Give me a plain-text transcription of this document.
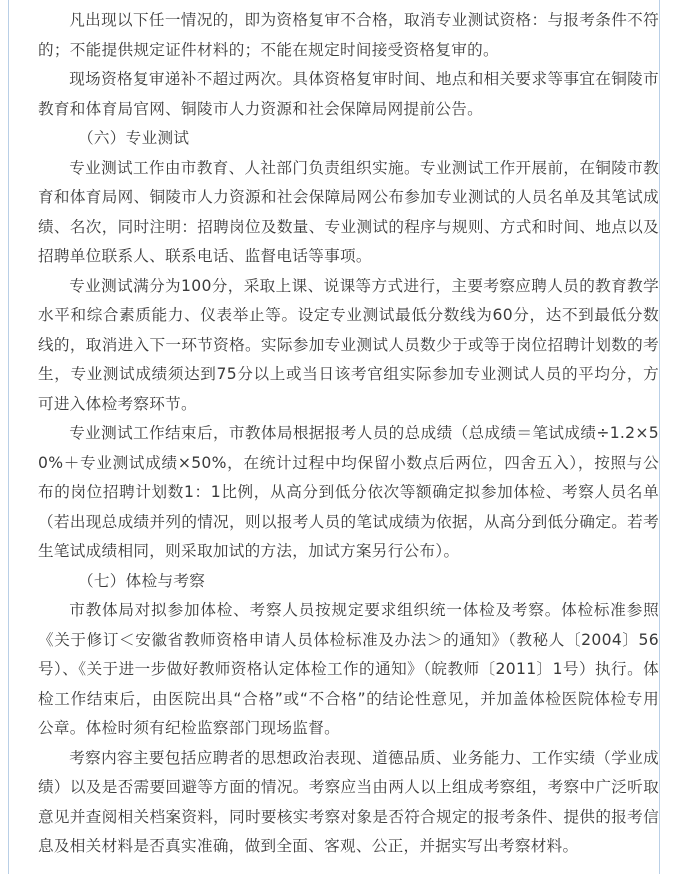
凡出现以下任一情况的，即为资格复审不合格，取消专业测试资格：与报考条件不符的；不能提供规定证件材料的；不能在规定时间接受资格复审的。

现场资格复审递补不超过两次。具体资格复审时间、地点和相关要求等事宜在铜陵市教育和体育局官网、铜陵市人力资源和社会保障局网提前公告。

（六）专业测试

专业测试工作由市教育、人社部门负责组织实施。专业测试工作开展前，在铜陵市教育和体育局网、铜陵市人力资源和社会保障局网公布参加专业测试的人员名单及其笔试成绩、名次，同时注明：招聘岗位及数量、专业测试的程序与规则、方式和时间、地点以及招聘单位联系人、联系电话、监督电话等事项。

专业测试满分为100分，采取上课、说课等方式进行，主要考察应聘人员的教育教学水平和综合素质能力、仪表举止等。设定专业测试最低分数线为60分，达不到最低分数线的，取消进入下一环节资格。实际参加专业测试人员数少于或等于岗位招聘计划数的考生，专业测试成绩须达到75分以上或当日该考官组实际参加专业测试人员的平均分，方可进入体检考察环节。

专业测试工作结束后，市教体局根据报考人员的总成绩（总成绩＝笔试成绩÷1.2×50%＋专业测试成绩×50%，在统计过程中均保留小数点后两位，四舍五入），按照与公布的岗位招聘计划数1：1比例，从高分到低分依次等额确定拟参加体检、考察人员名单（若出现总成绩并列的情况，则以报考人员的笔试成绩为依据，从高分到低分确定。若考生笔试成绩相同，则采取加试的方法，加试方案另行公布）。

（七）体检与考察

市教体局对拟参加体检、考察人员按规定要求组织统一体检及考察。体检标准参照《关于修订＜安徽省教师资格申请人员体检标准及办法＞的通知》（教秘人〔2004〕56号）、《关于进一步做好教师资格认定体检工作的通知》（皖教师〔2011〕1号）执行。体检工作结束后，由医院出具“合格”或“不合格”的结论性意见，并加盖体检医院体检专用公章。体检时须有纪检监察部门现场监督。

考察内容主要包括应聘者的思想政治表现、道德品质、业务能力、工作实绩（学业成绩）以及是否需要回避等方面的情况。考察应当由两人以上组成考察组，考察中广泛听取意见并查阅相关档案资料，同时要核实考察对象是否符合规定的报考条件、提供的报考信息及相关材料是否真实准确，做到全面、客观、公正，并据实写出考察材料。
